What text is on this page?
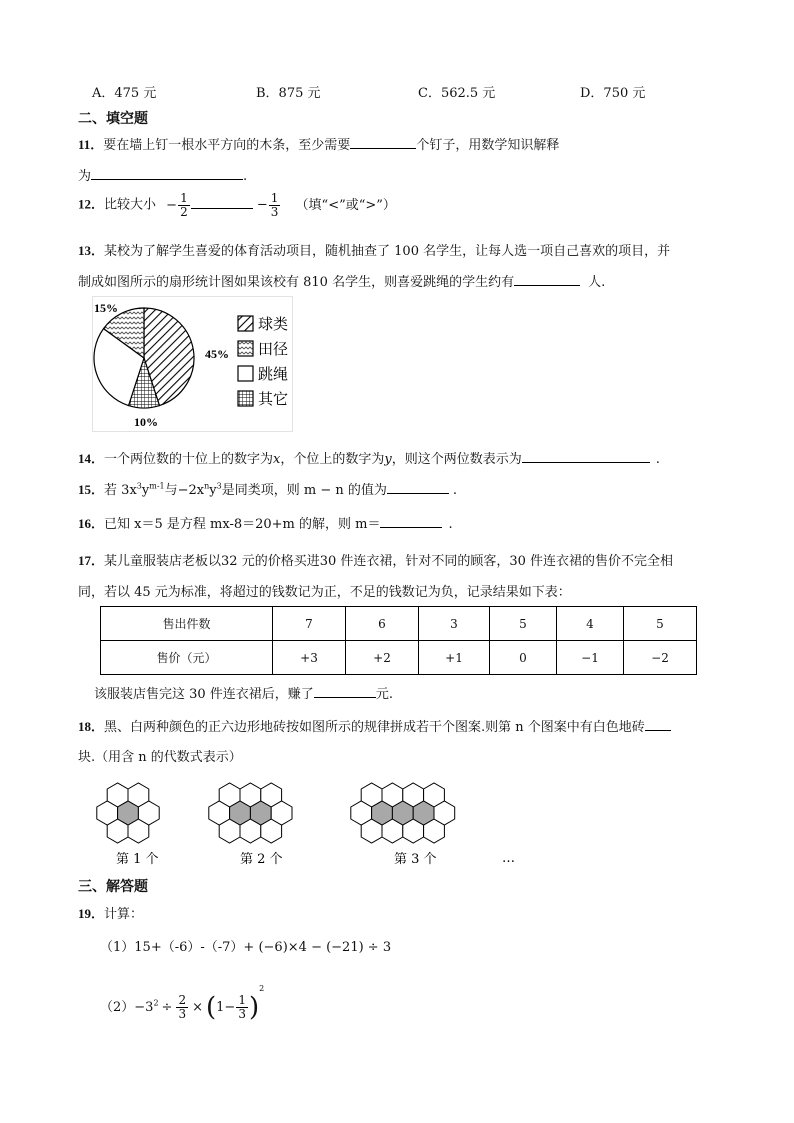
A．475 元	B．875 元	C．562.5 元	D．750 元
二、填空题
11．要在墙上钉一根水平方向的木条，至少需要	个钉子，用数学知识解释
为	.
12．比较大小 − $\frac{1}{2}$	− $\frac{1}{3}$ （填“<”或“>”）
13．某校为了解学生喜爱的体育活动项目，随机抽查了 100 名学生，让每人选一项自己喜欢的项目，并
制成如图所示的扇形统计图如果该校有 810 名学生，则喜爱跳绳的学生约有	人.
45%
10%
15%
球类
田径
跳绳
其它
14．一个两位数的十位上的数字为x，个位上的数字为y，则这个两位数表示为	.
15．若 $3x^3y^{m-1}$与$-2x^ny^3$是同类项，则 m − n 的值为	.
16．已知 x＝5 是方程 mx-8＝20+m 的解，则 m＝	.
17．某儿童服装店老板以32 元的价格买进30 件连衣裙，针对不同的顾客，30 件连衣裙的售价不完全相
同，若以 45 元为标准，将超过的钱数记为正，不足的钱数记为负，记录结果如下表：
售出件数	7	6	3	5	4	5
售价（元）	+3	+2	+1	0	−1	−2
该服装店售完这 30 件连衣裙后，赚了	元.
18．黑、白两种颜色的正六边形地砖按如图所示的规律拼成若干个图案.则第 n 个图案中有白色地砖
块.（用含 n 的代数式表示）
第 1 个	第 2 个	第 3 个	…
三、解答题
19．计算：
（1）15+（-6）-（-7）+ (−6)×4 − (−21) ÷ 3
$(2)-3^2 \div \frac{2}{3} \times (1- \frac{1}{3} )^2$
